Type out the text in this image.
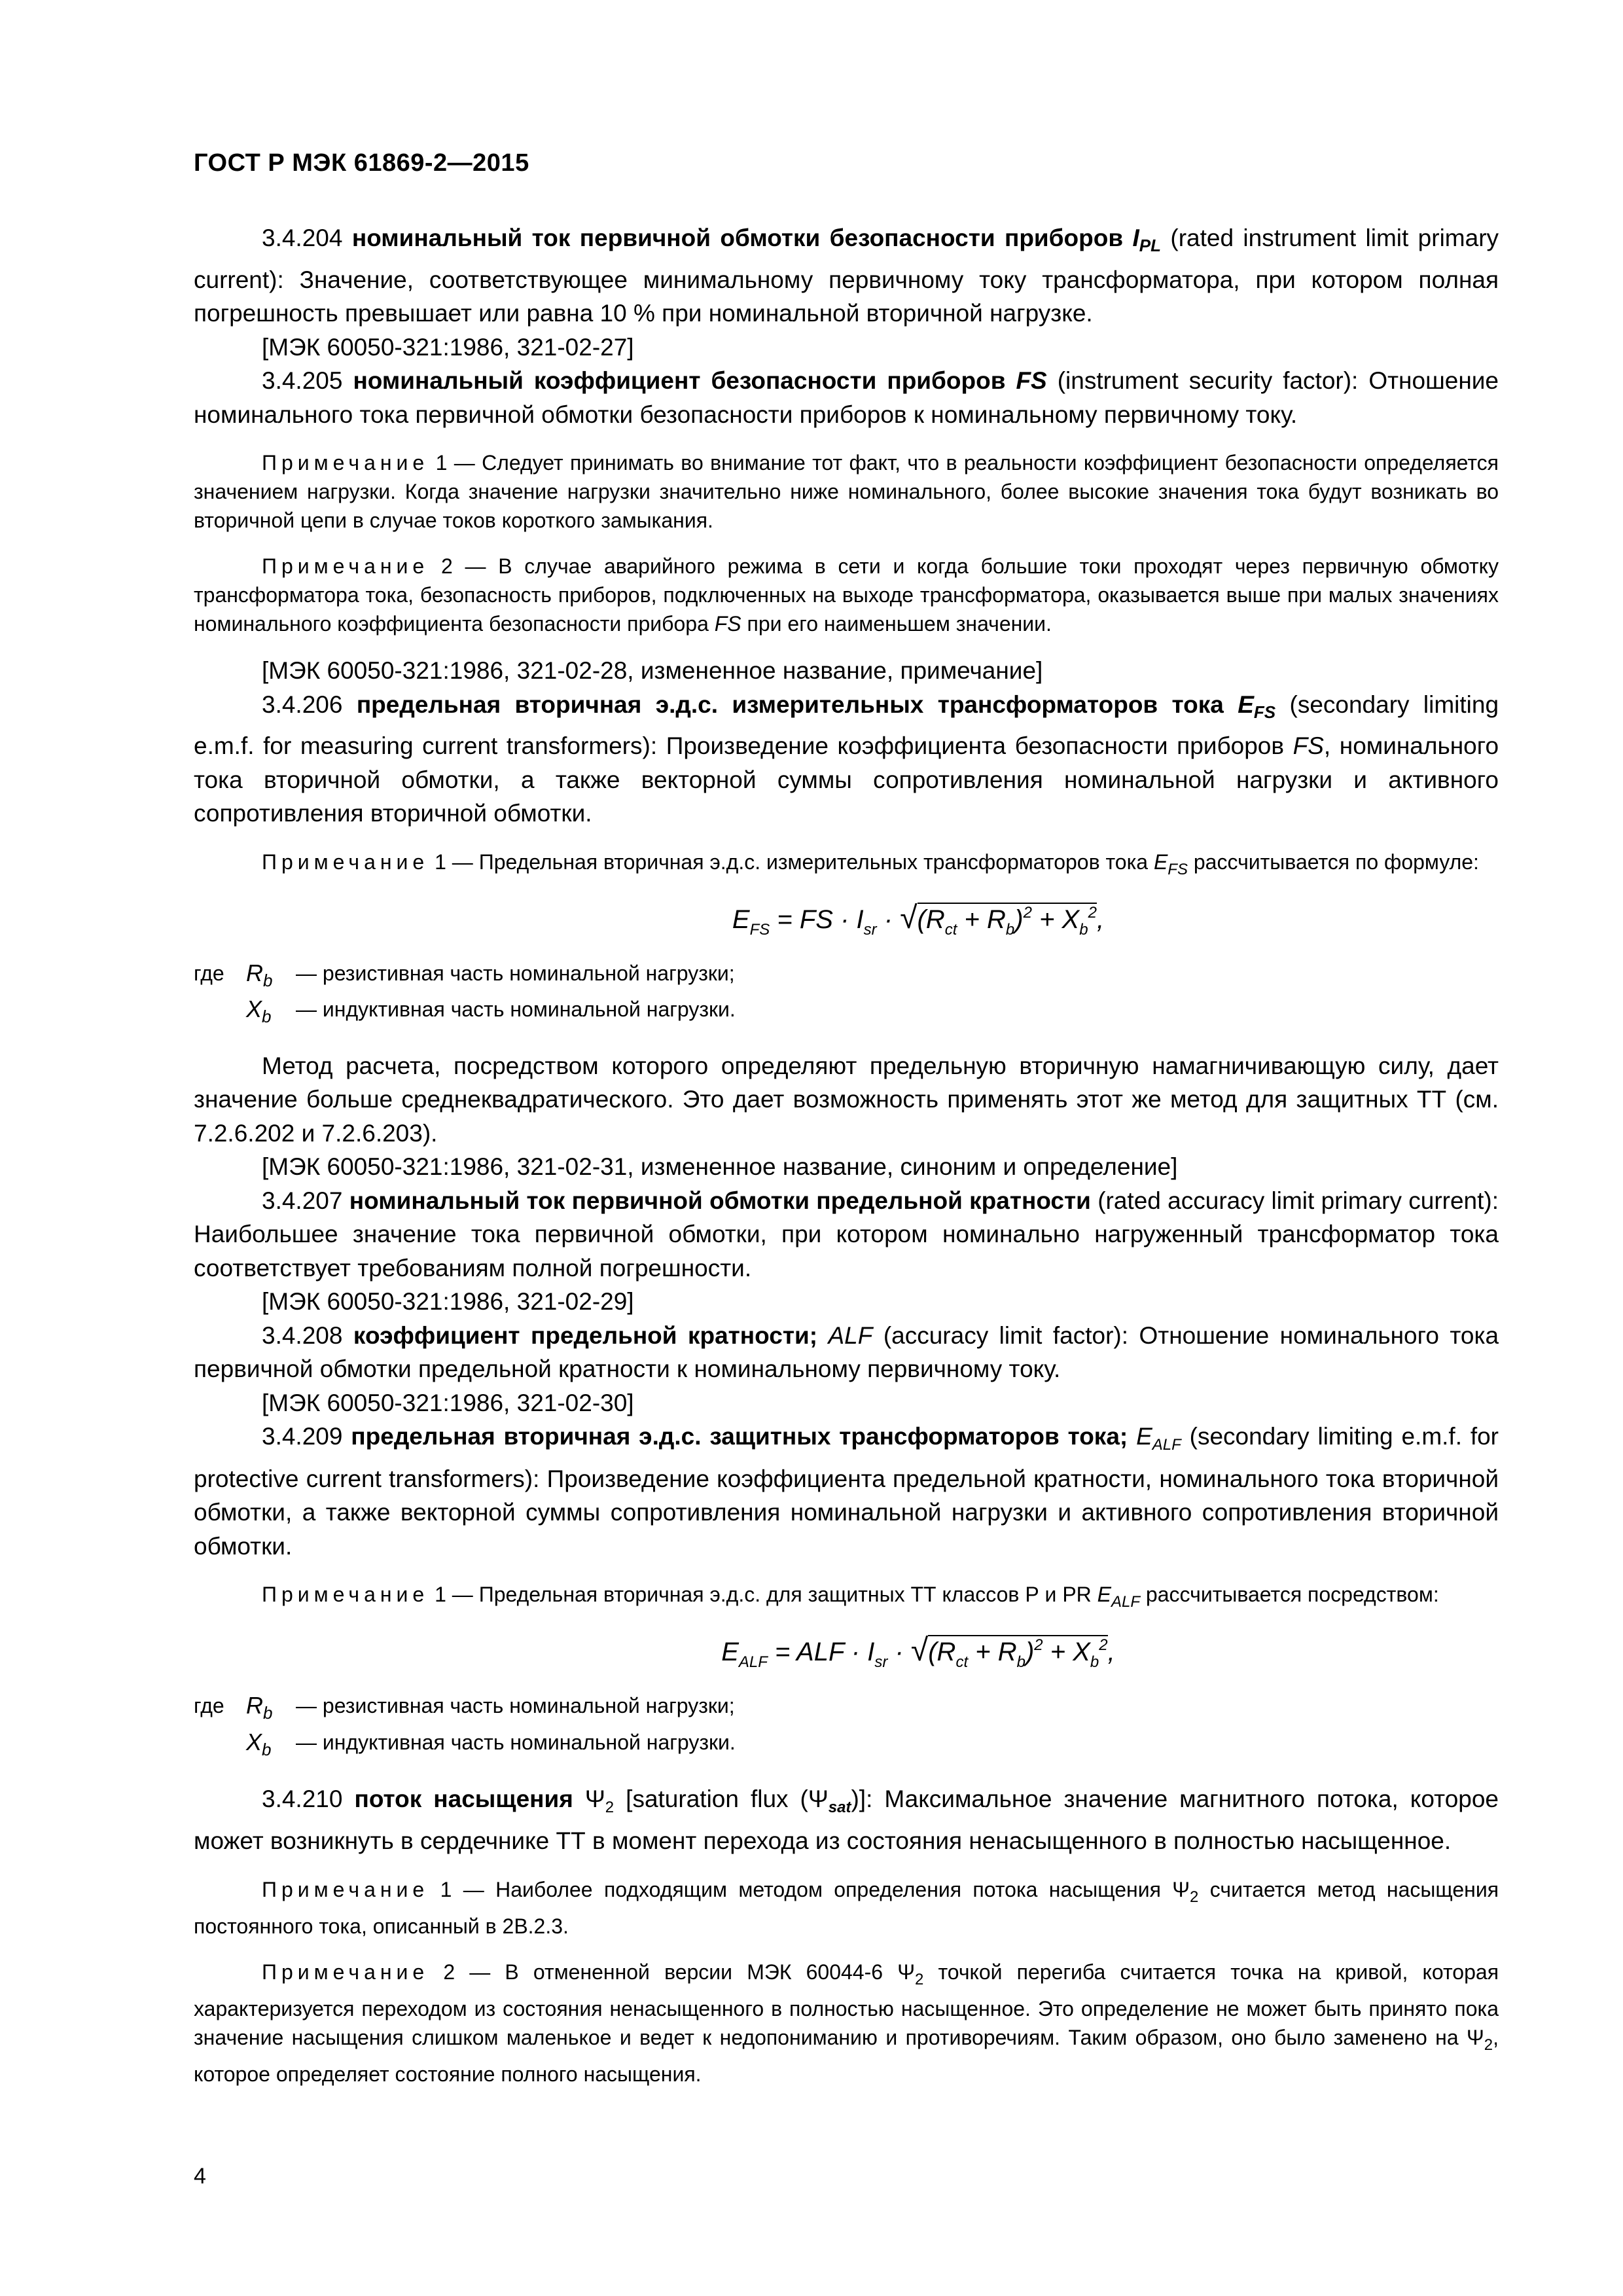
ГОСТ Р МЭК 61869-2—2015

3.4.204 номинальный ток первичной обмотки безопасности приборов $I_{PL}$ (rated instrument limit primary current): Значение, соответствующее минимальному первичному току трансформатора, при котором полная погрешность превышает или равна 10 % при номинальной вторичной нагрузке.

[МЭК 60050-321:1986, 321-02-27]

3.4.205 номинальный коэффициент безопасности приборов FS (instrument security factor): Отношение номинального тока первичной обмотки безопасности приборов к номинальному первичному току.

Примечание 1 — Следует принимать во внимание тот факт, что в реальности коэффициент безопасности определяется значением нагрузки. Когда значение нагрузки значительно ниже номинального, более высокие значения тока будут возникать во вторичной цепи в случае токов короткого замыкания.

Примечание 2 — В случае аварийного режима в сети и когда большие токи проходят через первичную обмотку трансформатора тока, безопасность приборов, подключенных на выходе трансформатора, оказывается выше при малых значениях номинального коэффициента безопасности прибора FS при его наименьшем значении.

[МЭК 60050-321:1986, 321-02-28, измененное название, примечание]

3.4.206 предельная вторичная э.д.с. измерительных трансформаторов тока $E_{FS}$ (secondary limiting e.m.f. for measuring current transformers): Произведение коэффициента безопасности приборов FS, номинального тока вторичной обмотки, а также векторной суммы сопротивления номинальной нагрузки и активного сопротивления вторичной обмотки.

Примечание 1 — Предельная вторичная э.д.с. измерительных трансформаторов тока $E_{FS}$ рассчитывается по формуле:

$E_{FS}$ = FS · $I_{sr} \cdot √(R_{ct} + R_b)^2 + X_b^2$,
где	$R_b$	— резистивная часть номинальной нагрузки;
	$X_b$	— индуктивная часть номинальной нагрузки.

Метод расчета, посредством которого определяют предельную вторичную намагничивающую силу, дает значение больше среднеквадратического. Это дает возможность применять этот же метод для защитных ТТ (см. 7.2.6.202 и 7.2.6.203).

[МЭК 60050-321:1986, 321-02-31, измененное название, синоним и определение]

3.4.207 номинальный ток первичной обмотки предельной кратности (rated accuracy limit primary current): Наибольшее значение тока первичной обмотки, при котором номинально нагруженный трансформатор тока соответствует требованиям полной погрешности.

[МЭК 60050-321:1986, 321-02-29]

3.4.208 коэффициент предельной кратности; ALF (accuracy limit factor): Отношение номинального тока первичной обмотки предельной кратности к номинальному первичному току.

[МЭК 60050-321:1986, 321-02-30]

3.4.209 предельная вторичная э.д.с. защитных трансформаторов тока; $E_{ALF}$ (secondary limiting e.m.f. for protective current transformers): Произведение коэффициента предельной кратности, номинального тока вторичной обмотки, а также векторной суммы сопротивления номинальной нагрузки и активного сопротивления вторичной обмотки.

Примечание 1 — Предельная вторичная э.д.с. для защитных ТТ классов Р и PR $E_{ALF}$ рассчитывается посредством:

$E_{ALF}$ = ALF · $I_{sr} \cdot √(R_{ct} + R_b)^2 + X_b^2$,
где	$R_b$	— резистивная часть номинальной нагрузки;
	$X_b$	— индуктивная часть номинальной нагрузки.

3.4.210 поток насыщения $\Psi_2$ [saturation flux $(\Psi_{sat})$]: Максимальное значение магнитного потока, которое может возникнуть в сердечнике ТТ в момент перехода из состояния ненасыщенного в полностью насыщенное.

Примечание 1 — Наиболее подходящим методом определения потока насыщения $\Psi_2$ считается метод насыщения постоянного тока, описанный в 2В.2.3.

Примечание 2 — В отмененной версии МЭК 60044-6 $\Psi_2$ точкой перегиба считается точка на кривой, которая характеризуется переходом из состояния ненасыщенного в полностью насыщенное. Это определение не может быть принято пока значение насыщения слишком маленькое и ведет к недопониманию и противоречиям. Таким образом, оно было заменено на $\Psi_2$, которое определяет состояние полного насыщения.

4
